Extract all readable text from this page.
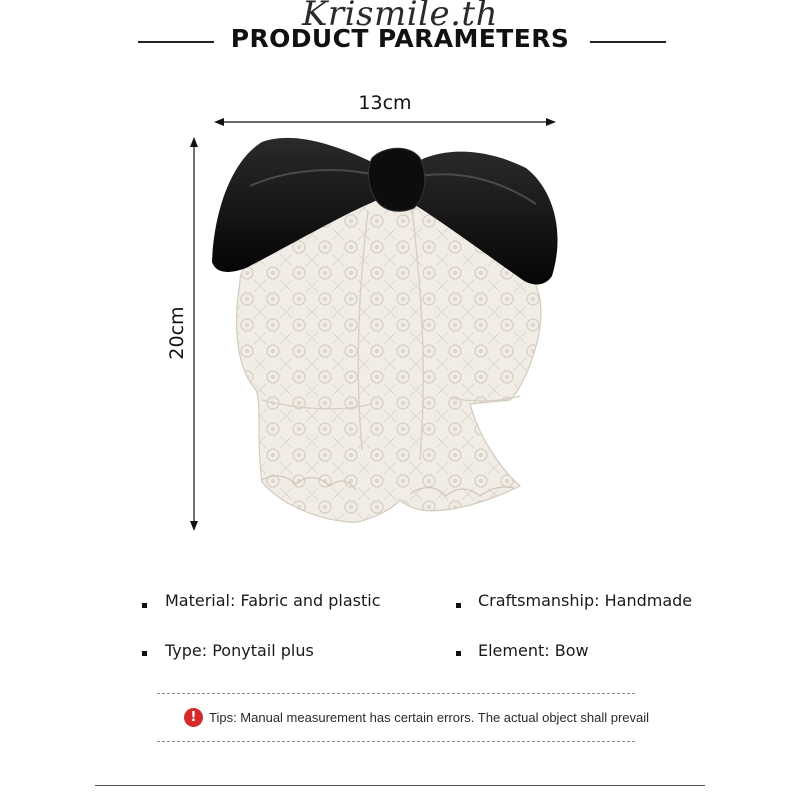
Krismile.th
PRODUCT PARAMETERS
13cm
20cm
Material: Fabric and plastic	Craftsmanship: Handmade
Type: Ponytail plus	Element: Bow
! Tips: Manual measurement has certain errors. The actual object shall prevail
